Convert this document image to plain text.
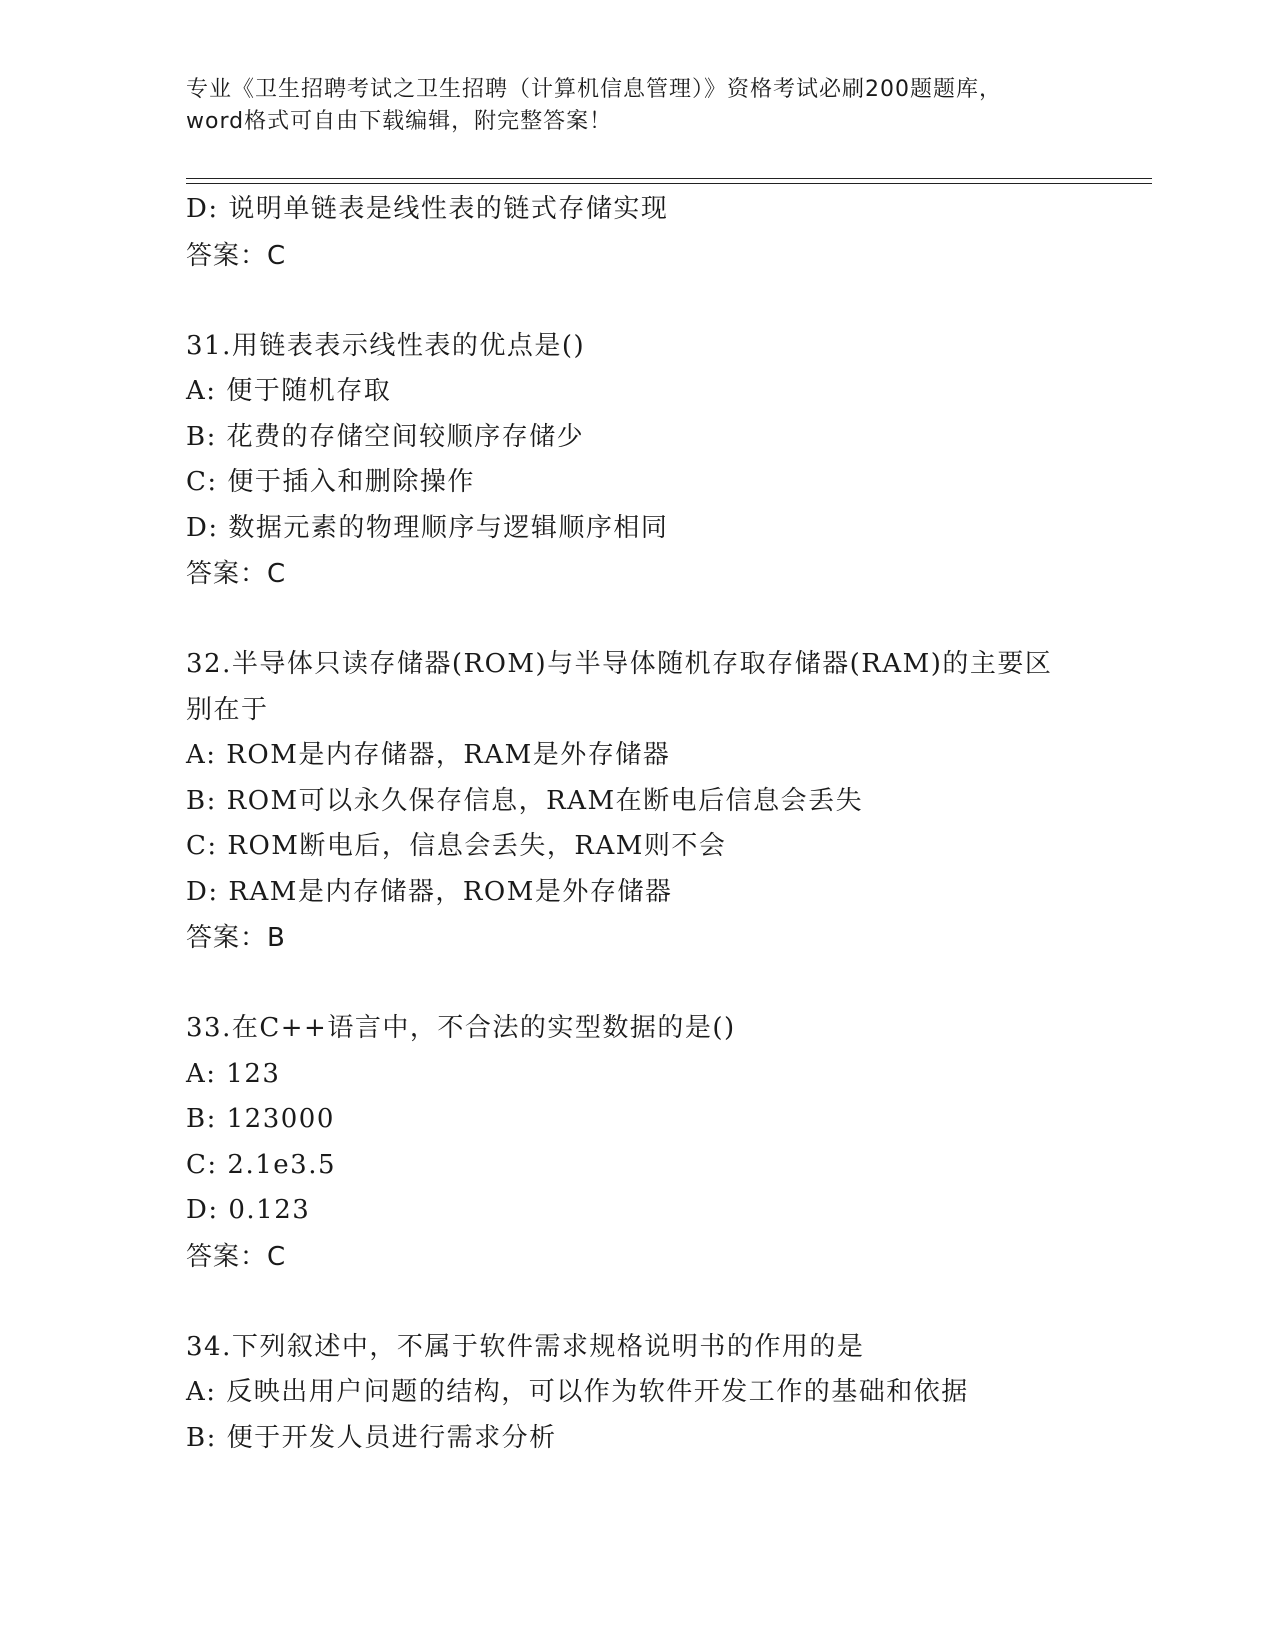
专业《卫生招聘考试之卫生招聘（计算机信息管理）》资格考试必刷200题题库，
word格式可自由下载编辑，附完整答案！
D: 说明单链表是线性表的链式存储实现
答案：C
31.用链表表示线性表的优点是()
A: 便于随机存取
B: 花费的存储空间较顺序存储少
C: 便于插入和删除操作
D: 数据元素的物理顺序与逻辑顺序相同
答案：C
32.半导体只读存储器(ROM)与半导体随机存取存储器(RAM)的主要区别在于
A: ROM是内存储器，RAM是外存储器
B: ROM可以永久保存信息，RAM在断电后信息会丢失
C: ROM断电后，信息会丢失，RAM则不会
D: RAM是内存储器，ROM是外存储器
答案：B
33.在C++语言中，不合法的实型数据的是()
A: 123
B: 123000
C: 2.1e3.5
D: 0.123
答案：C
34.下列叙述中，不属于软件需求规格说明书的作用的是
A: 反映出用户问题的结构，可以作为软件开发工作的基础和依据
B: 便于开发人员进行需求分析
